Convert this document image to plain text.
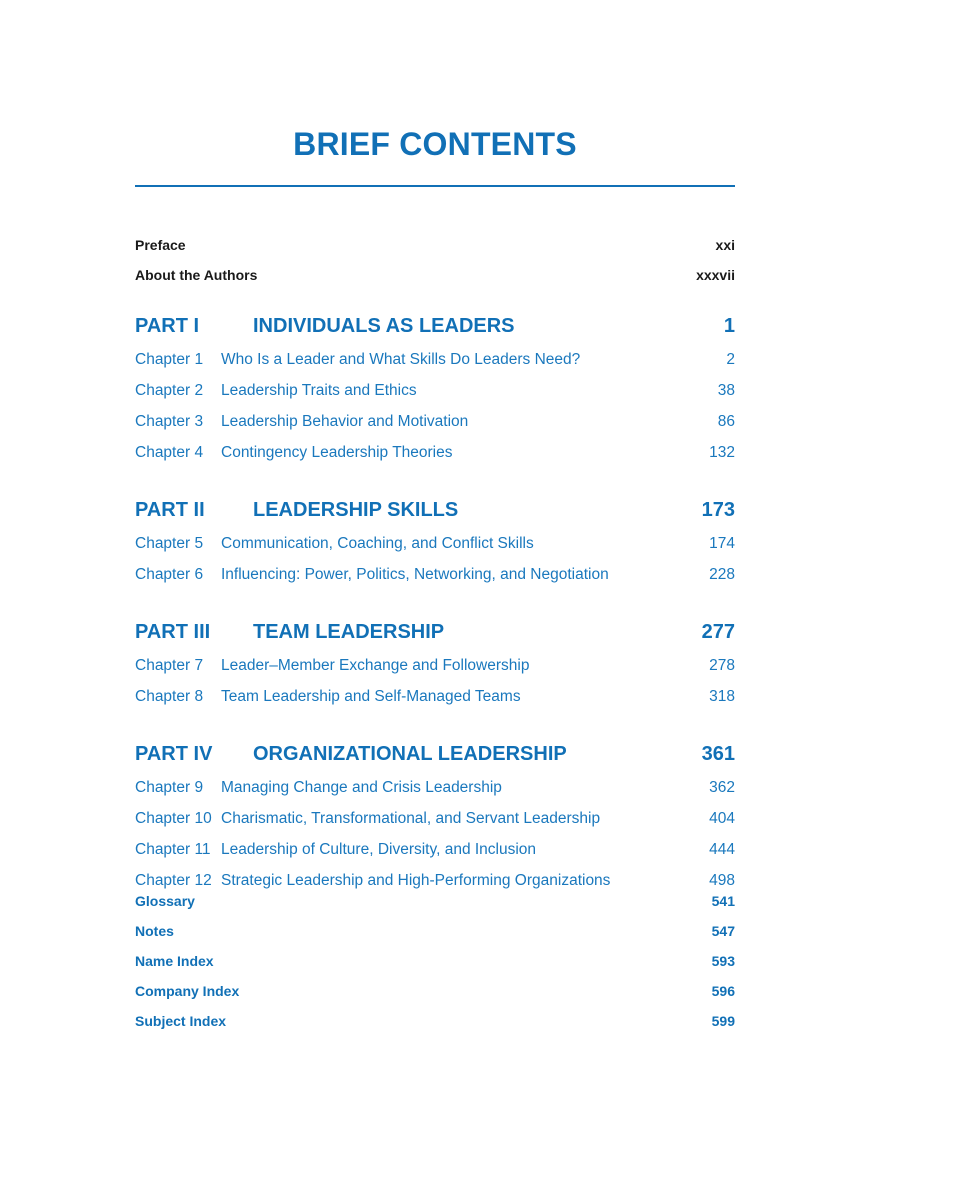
BRIEF CONTENTS
Preface	xxi
About the Authors	xxxvii
PART I	INDIVIDUALS AS LEADERS	1
Chapter 1	Who Is a Leader and What Skills Do Leaders Need?	2
Chapter 2	Leadership Traits and Ethics	38
Chapter 3	Leadership Behavior and Motivation	86
Chapter 4	Contingency Leadership Theories	132
PART II	LEADERSHIP SKILLS	173
Chapter 5	Communication, Coaching, and Conflict Skills	174
Chapter 6	Influencing: Power, Politics, Networking, and Negotiation	228
PART III	TEAM LEADERSHIP	277
Chapter 7	Leader–Member Exchange and Followership	278
Chapter 8	Team Leadership and Self-Managed Teams	318
PART IV	ORGANIZATIONAL LEADERSHIP	361
Chapter 9	Managing Change and Crisis Leadership	362
Chapter 10 Charismatic, Transformational, and Servant Leadership	404
Chapter 11 Leadership of Culture, Diversity, and Inclusion	444
Chapter 12 Strategic Leadership and High-Performing Organizations	498
Glossary	541
Notes	547
Name Index	593
Company Index	596
Subject Index	599
